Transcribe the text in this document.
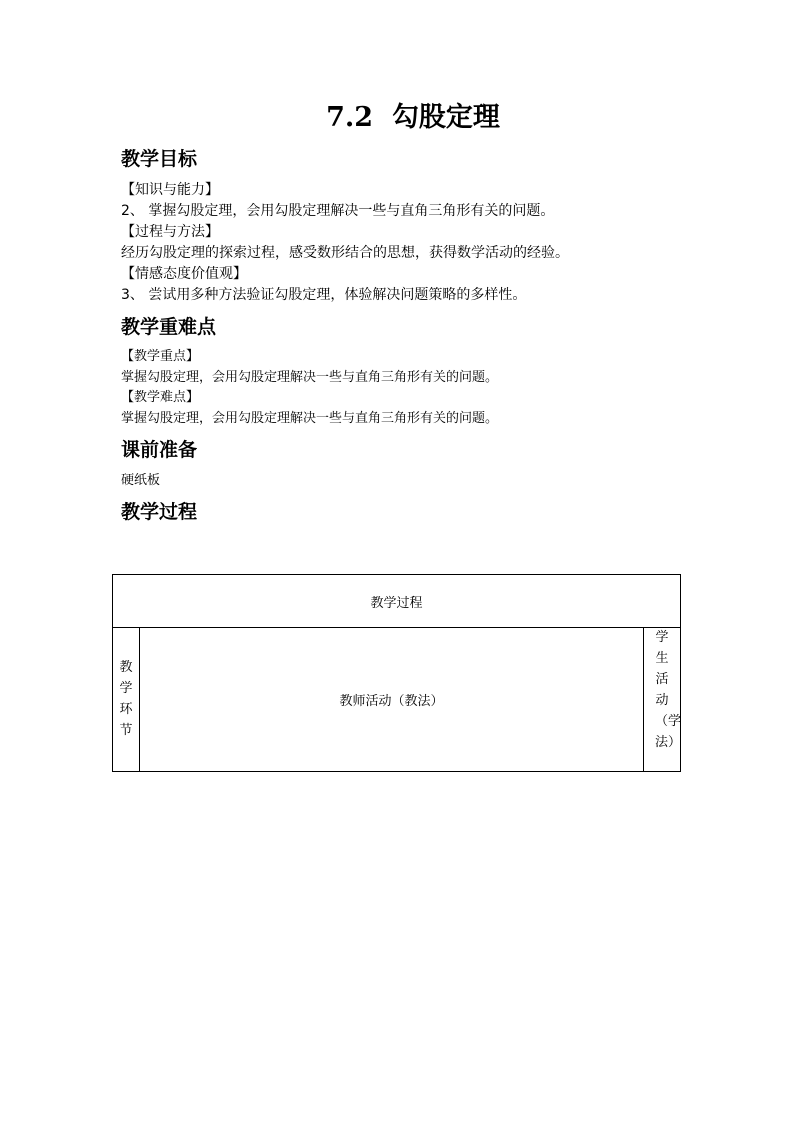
7.2  勾股定理
教学目标
【知识与能力】
2、 掌握勾股定理，会用勾股定理解决一些与直角三角形有关的问题。
【过程与方法】
经历勾股定理的探索过程，感受数形结合的思想，获得数学活动的经验。
【情感态度价值观】
3、 尝试用多种方法验证勾股定理，体验解决问题策略的多样性。
教学重难点
【教学重点】
掌握勾股定理，会用勾股定理解决一些与直角三角形有关的问题。
【教学难点】
掌握勾股定理，会用勾股定理解决一些与直角三角形有关的问题。
课前准备
硬纸板
教学过程
教学过程
教学环节
教师活动（教法）
学生活动（学法）
